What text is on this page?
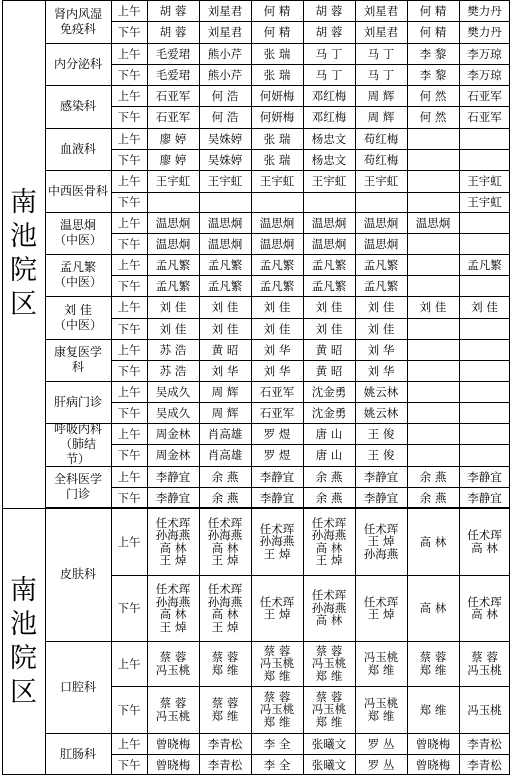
南池院区
肾内风湿
免疫科
上午
下午
胡 蓉
胡 蓉
刘星君
刘星君
何 精
何 精
胡 蓉
胡 蓉
刘星君
刘星君
何 精
何 精
樊力丹
樊力丹
内分泌科
上午
下午
毛爱珺
毛爱珺
熊小芹
熊小芹
张 瑞
张 瑞
马 丁
马 丁
马 丁
马 丁
李 黎
李 黎
李万琼
李万琼
感染科
上午
下午
石亚军
石亚军
何 浩
何 浩
何妍梅
何妍梅
邓红梅
邓红梅
周 辉
周 辉
何 然
何 然
石亚军
石亚军
血液科
上午
下午
廖 婷
廖 婷
吴姝婷
吴姝婷
张 瑞
张 瑞
杨忠文
杨忠文
苟红梅
苟红梅
中西医骨科
上午
下午
王宇虹 王宇虹 王宇虹 王宇虹 王宇虹	王宇虹
王宇虹
温思炯
（中医）
上午
下午
温思炯
温思炯
温思炯
温思炯
温思炯
温思炯
温思炯
温思炯
温思炯
温思炯
温思炯
孟凡繁
（中医）
上午
下午
孟凡繁
孟凡繁
孟凡繁
孟凡繁
孟凡繁
孟凡繁
孟凡繁
孟凡繁
孟凡繁
孟凡繁
孟凡繁
刘 佳
（中医）
上午
下午
刘 佳
刘 佳
刘 佳
刘 佳
刘 佳
刘 佳
刘 佳
刘 佳
刘 佳
刘 佳
刘 佳 刘 佳
康复医学
科
上午
下午
苏 浩
苏 浩
黄 昭
刘 华
刘 华
刘 华
黄 昭
黄 昭
刘 华
刘 华
肝病门诊
上午
下午
吴成久
吴成久
周 辉
周 辉
石亚军
石亚军
沈金勇
沈金勇
姚云林
姚云林
呼吸内科
（肺结
节）
上午
下午
周金林
周金林
肖高雄
肖高雄
罗 煜
罗 煜
唐 山
唐 山
王 俊
王 俊
全科医学
门诊
上午
下午
李静宜
李静宜
余 燕
余 燕
李静宜
李静宜
余 燕
余 燕
李静宜
李静宜
余 燕
余 燕
李静宜
李静宜
南池院区
皮肤科
上午
下午
任术珲
孙海燕
高 林
王 焯
任术珲
孙海燕
高 林
王 焯
任术珲
孙海燕
高 林
王 焯
任术珲
孙海燕
高 林
王 焯
任术珲
孙海燕
王 焯
任术珲
王 焯
任术珲
孙海燕
高 林
王 焯
任术珲
孙海燕
高 林
任术珲
王 焯
孙海燕
任术珲
王 焯
高 林
高 林
任术珲
高 林
任术珲
高 林
口腔科
上午
下午
蔡 蓉
冯玉桃
蔡 蓉
冯玉桃
蔡 蓉
郑 维
蔡 蓉
郑 维
蔡 蓉
冯玉桃
郑 维
蔡 蓉
冯玉桃
郑 维
蔡 蓉
冯玉桃
郑 维
蔡 蓉
冯玉桃
郑 维
冯玉桃
郑 维
冯玉桃
郑 维
蔡 蓉
郑 维
郑 维
蔡 蓉
冯玉桃
冯玉桃
肛肠科
上午
下午
曾晓梅
曾晓梅
李青松
李青松
李 全
李 全
张曦文
张曦文
罗 丛
罗 丛
曾晓梅
曾晓梅
李青松
李青松
